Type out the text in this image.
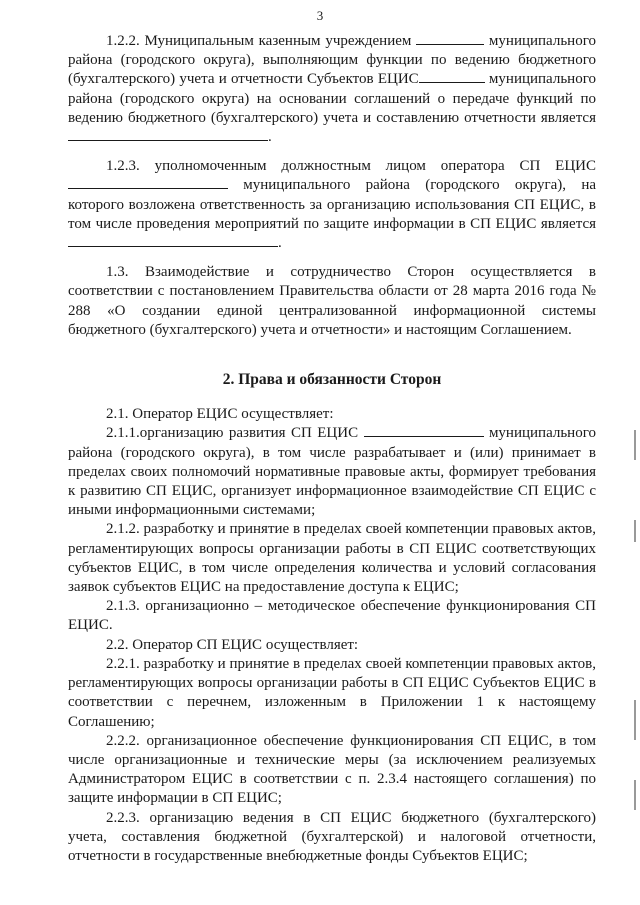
3

1.2.2. Муниципальным казенным учреждением	муниципального района (городского округа), выполняющим функции по ведению бюджетного (бухгалтерского) учета и отчетности Субъектов ЕЦИС	муниципального района (городского округа) на основании соглашений о передаче функций по ведению бюджетного (бухгалтерского) учета и составлению отчетности является .

1.2.3. уполномоченным должностным лицом оператора СП ЕЦИС  муниципального района (городского округа), на которого возложена ответственность за организацию использования СП ЕЦИС, в том числе проведения мероприятий по защите информации в СП ЕЦИС является .

1.3. Взаимодействие и сотрудничество Сторон осуществляется в соответствии с постановлением Правительства области от 28 марта 2016 года № 288 «О создании единой централизованной информационной системы бюджетного (бухгалтерского) учета и отчетности» и настоящим Соглашением.

2. Права и обязанности Сторон

2.1. Оператор ЕЦИС осуществляет:

2.1.1.организацию развития СП ЕЦИС	муниципального района (городского округа), в том числе разрабатывает и (или) принимает в пределах своих полномочий нормативные правовые акты, формирует требования к развитию СП ЕЦИС, организует информационное взаимодействие СП ЕЦИС с иными информационными системами;

2.1.2. разработку и принятие в пределах своей компетенции правовых актов, регламентирующих вопросы организации работы в СП ЕЦИС соответствующих субъектов ЕЦИС, в том числе определения количества и условий согласования заявок субъектов ЕЦИС на предоставление доступа к ЕЦИС;

2.1.3. организационно – методическое обеспечение функционирования СП ЕЦИС.

2.2. Оператор СП ЕЦИС осуществляет:

2.2.1. разработку и принятие в пределах своей компетенции правовых актов, регламентирующих вопросы организации работы в СП ЕЦИС Субъектов ЕЦИС в соответствии с перечнем, изложенным в Приложении 1 к настоящему Соглашению;

2.2.2. организационное обеспечение функционирования СП ЕЦИС, в том числе организационные и технические меры (за исключением реализуемых Администратором ЕЦИС в соответствии с п. 2.3.4 настоящего соглашения) по защите информации в СП ЕЦИС;

2.2.3. организацию ведения в СП ЕЦИС бюджетного (бухгалтерского) учета, составления бюджетной (бухгалтерской) и налоговой отчетности, отчетности в государственные внебюджетные фонды Субъектов ЕЦИС;
